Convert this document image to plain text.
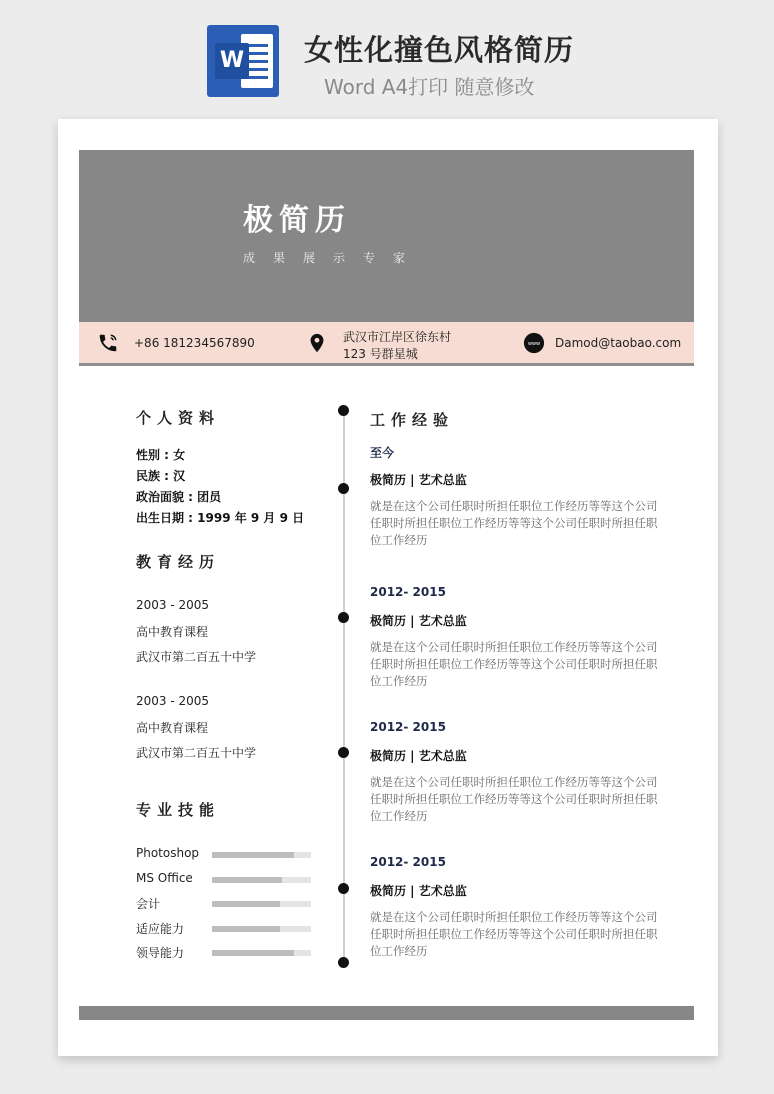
W 女性化撞色风格简历
Word A4打印 随意修改
极简历
成果展示专家
+86 181234567890	武汉市江岸区徐东村
123 号群星城
www Damod@taobao.com
个人资料
性别 : 女
民族 : 汉
政治面貌 : 团员
出生日期 : 1999 年 9 月 9 日
教育经历
2003 - 2005
高中教育课程
武汉市第二百五十中学
2003 - 2005
高中教育课程
武汉市第二百五十中学
专业技能
工作经验
至今
极简历 | 艺术总监
就是在这个公司任职时所担任职位工作经历等等这个公司任职时所担任职位工作经历等等这个公司任职时所担任职位工作经历
2012- 2015
极简历 | 艺术总监
就是在这个公司任职时所担任职位工作经历等等这个公司任职时所担任职位工作经历等等这个公司任职时所担任职位工作经历
2012- 2015
极简历 | 艺术总监
就是在这个公司任职时所担任职位工作经历等等这个公司任职时所担任职位工作经历等等这个公司任职时所担任职位工作经历
2012- 2015
极简历 | 艺术总监
就是在这个公司任职时所担任职位工作经历等等这个公司任职时所担任职位工作经历等等这个公司任职时所担任职位工作经历
Photoshop
MS Office
会计
适应能力
领导能力
